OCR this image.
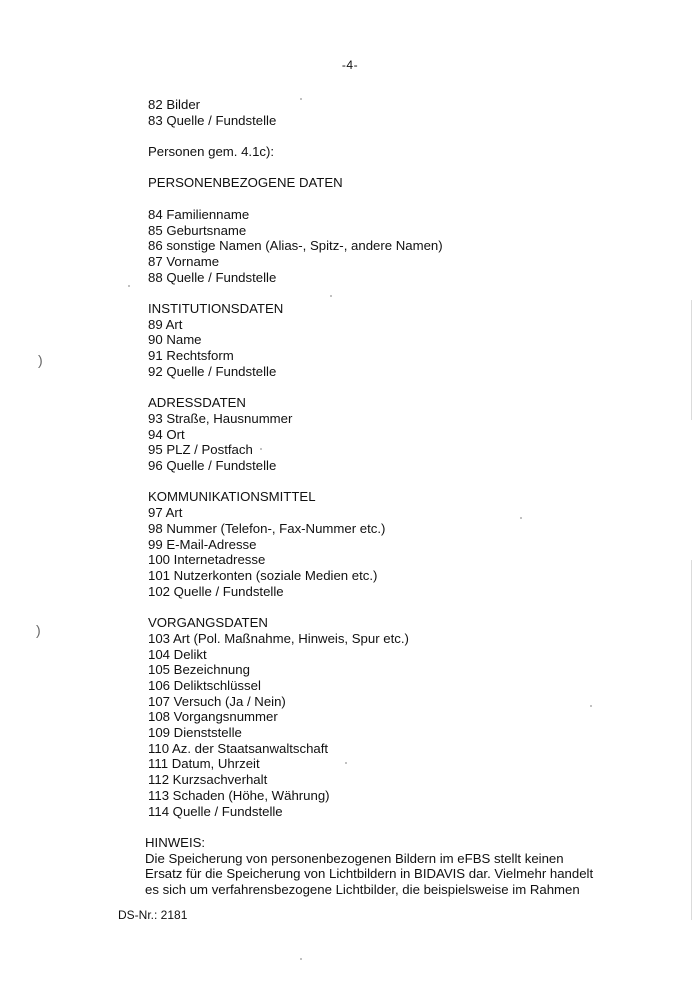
-4-
82 Bilder
83 Quelle / Fundstelle
Personen gem. 4.1c):
PERSONENBEZOGENE DATEN
84 Familienname
85 Geburtsname
86 sonstige Namen (Alias-, Spitz-, andere Namen)
87 Vorname
88 Quelle / Fundstelle
INSTITUTIONSDATEN
89 Art
90 Name
91 Rechtsform
92 Quelle / Fundstelle
ADRESSDATEN
93 Straße, Hausnummer
94 Ort
95 PLZ / Postfach
96 Quelle / Fundstelle
KOMMUNIKATIONSMITTEL
97 Art
98 Nummer (Telefon-, Fax-Nummer etc.)
99 E-Mail-Adresse
100 Internetadresse
101 Nutzerkonten (soziale Medien etc.)
102 Quelle / Fundstelle
VORGANGSDATEN
103 Art (Pol. Maßnahme, Hinweis, Spur etc.)
104 Delikt
105 Bezeichnung
106 Deliktschlüssel
107 Versuch (Ja / Nein)
108 Vorgangsnummer
109 Dienststelle
110 Az. der Staatsanwaltschaft
111 Datum, Uhrzeit
112 Kurzsachverhalt
113 Schaden (Höhe, Währung)
114 Quelle / Fundstelle
HINWEIS:
Die Speicherung von personenbezogenen Bildern im eFBS stellt keinen
Ersatz für die Speicherung von Lichtbildern in BIDAVIS dar. Vielmehr handelt
es sich um verfahrensbezogene Lichtbilder, die beispielsweise im Rahmen
DS-Nr.: 2181
)
)
